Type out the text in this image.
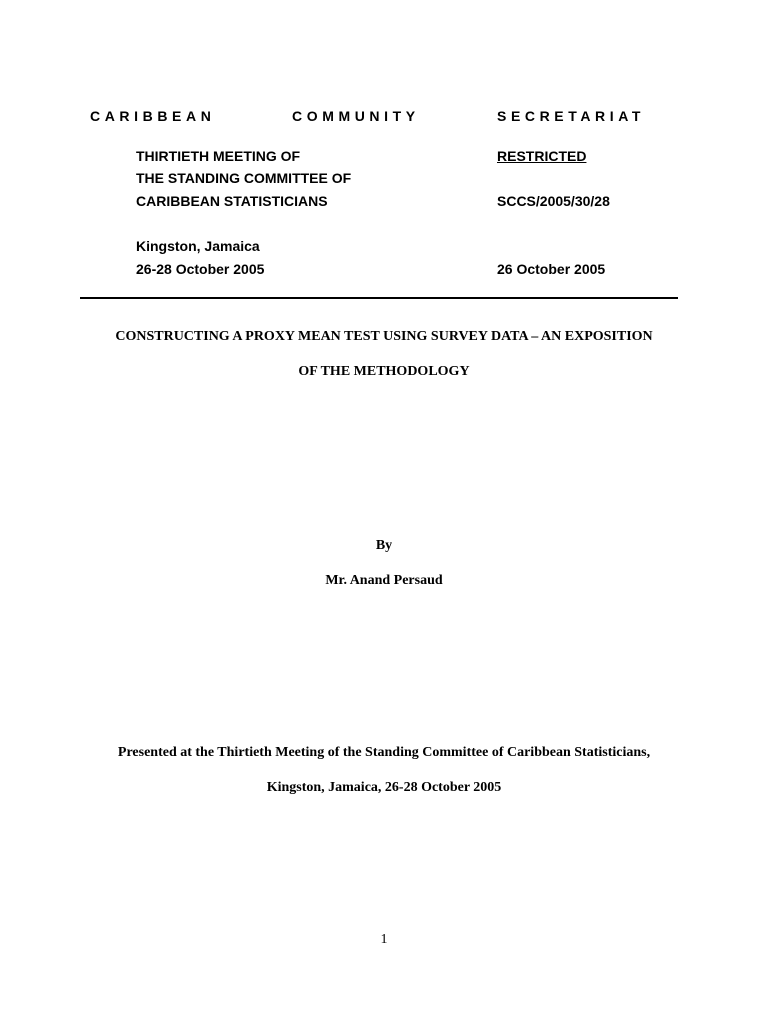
CARIBBEAN	COMMUNITY	SECRETARIAT
THIRTIETH MEETING OF
THE STANDING COMMITTEE OF
CARIBBEAN STATISTICIANS
Kingston, Jamaica
26-28 October 2005
RESTRICTED
SCCS/2005/30/28
26 October 2005
CONSTRUCTING A PROXY MEAN TEST USING SURVEY DATA – AN EXPOSITION
OF THE METHODOLOGY
By
Mr. Anand Persaud
Presented at the Thirtieth Meeting of the Standing Committee of Caribbean Statisticians,
Kingston, Jamaica, 26-28 October 2005
1
